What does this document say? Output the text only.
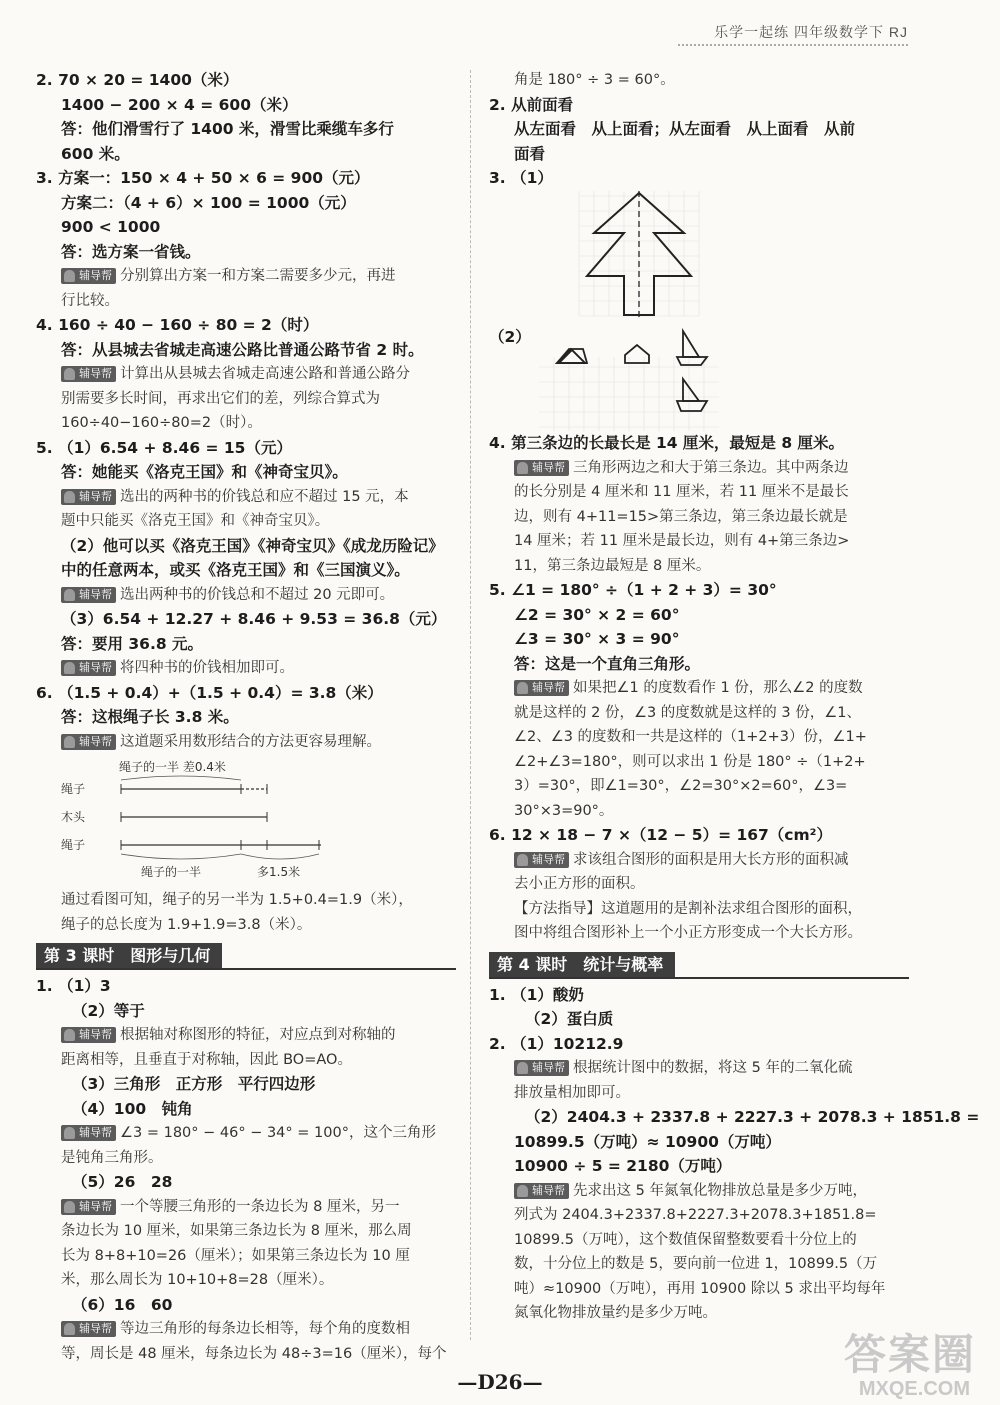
乐学一起练 四年级数学下 RJ
2. 70 × 20 = 1400（米）
1400 − 200 × 4 = 600（米）
答：他们滑雪行了 1400 米，滑雪比乘缆车多行
600 米。
3. 方案一：150 × 4 + 50 × 6 = 900（元）
方案二：（4 + 6）× 100 = 1000（元）
900 < 1000
答：选方案一省钱。
辅导帮 分别算出方案一和方案二需要多少元，再进
行比较。
4. 160 ÷ 40 − 160 ÷ 80 = 2（时）
答：从县城去省城走高速公路比普通公路节省 2 时。
辅导帮 计算出从县城去省城走高速公路和普通公路分
别需要多长时间，再求出它们的差，列综合算式为
160÷40−160÷80=2（时）。
5. （1）6.54 + 8.46 = 15（元）
答：她能买《洛克王国》和《神奇宝贝》。
辅导帮 选出的两种书的价钱总和应不超过 15 元，本
题中只能买《洛克王国》和《神奇宝贝》。
（2）他可以买《洛克王国》《神奇宝贝》《成龙历险记》
中的任意两本，或买《洛克王国》和《三国演义》。
辅导帮 选出两种书的价钱总和不超过 20 元即可。
（3）6.54 + 12.27 + 8.46 + 9.53 = 36.8（元）
答：要用 36.8 元。
辅导帮 将四种书的价钱相加即可。
6. （1.5 + 0.4）+（1.5 + 0.4）= 3.8（米）
答：这根绳子长 3.8 米。
辅导帮 这道题采用数形结合的方法更容易理解。
绳子的一半 差0.4米
绳子
木头
绳子
绳子的一半	多1.5米
通过看图可知，绳子的另一半为 1.5+0.4=1.9（米），
绳子的总长度为 1.9+1.9=3.8（米）。
第 3 课时　图形与几何
1. （1）3
（2）等于
辅导帮 根据轴对称图形的特征，对应点到对称轴的
距离相等，且垂直于对称轴，因此 BO=AO。
（3）三角形　正方形　平行四边形
（4）100　钝角
辅导帮 ∠3 = 180° − 46° − 34° = 100°，这个三角形
是钝角三角形。
（5）26　28
辅导帮 一个等腰三角形的一条边长为 8 厘米，另一
条边长为 10 厘米，如果第三条边长为 8 厘米，那么周
长为 8+8+10=26（厘米）；如果第三条边长为 10 厘
米，那么周长为 10+10+8=28（厘米）。
（6）16　60
辅导帮 等边三角形的每条边长相等，每个角的度数相
等，周长是 48 厘米，每条边长为 48÷3=16（厘米），每个
角是 180° ÷ 3 = 60°。
2. 从前面看
从左面看　从上面看；从左面看　从上面看　从前
面看
3. （1）
（2）
4. 第三条边的长最长是 14 厘米，最短是 8 厘米。
辅导帮 三角形两边之和大于第三条边。其中两条边
的长分别是 4 厘米和 11 厘米，若 11 厘米不是最长
边，则有 4+11=15>第三条边，第三条边最长就是
14 厘米；若 11 厘米是最长边，则有 4+第三条边>
11，第三条边最短是 8 厘米。
5. ∠1 = 180° ÷（1 + 2 + 3）= 30°
∠2 = 30° × 2 = 60°
∠3 = 30° × 3 = 90°
答：这是一个直角三角形。
辅导帮 如果把∠1 的度数看作 1 份，那么∠2 的度数
就是这样的 2 份，∠3 的度数就是这样的 3 份，∠1、
∠2、∠3 的度数和一共是这样的（1+2+3）份，∠1+
∠2+∠3=180°，则可以求出 1 份是 180° ÷（1+2+
3）=30°，即∠1=30°，∠2=30°×2=60°，∠3=
30°×3=90°。
6. 12 × 18 − 7 ×（12 − 5）= 167（cm²）
辅导帮 求该组合图形的面积是用大长方形的面积减
去小正方形的面积。
【方法指导】这道题用的是割补法求组合图形的面积，
图中将组合图形补上一个小正方形变成一个大长方形。
第 4 课时　统计与概率
1. （1）酸奶
（2）蛋白质
2. （1）10212.9
辅导帮 根据统计图中的数据，将这 5 年的二氧化硫
排放量相加即可。
（2）2404.3 + 2337.8 + 2227.3 + 2078.3 + 1851.8 =
10899.5（万吨）≈ 10900（万吨）
10900 ÷ 5 = 2180（万吨）
辅导帮 先求出这 5 年氮氧化物排放总量是多少万吨，
列式为 2404.3+2337.8+2227.3+2078.3+1851.8=
10899.5（万吨），这个数值保留整数要看十分位上的
数，十分位上的数是 5，要向前一位进 1，10899.5（万
吨）≈10900（万吨），再用 10900 除以 5 求出平均每年
氮氧化物排放量约是多少万吨。
—D26—
答案圈
MXQE.COM
